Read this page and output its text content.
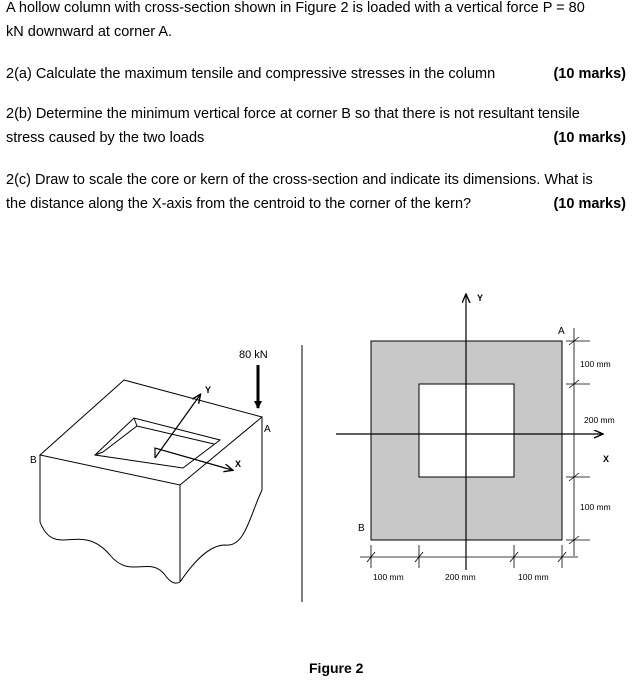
A hollow column with cross-section shown in Figure 2 is loaded with a vertical force P = 80
kN downward at corner A.
2(a) Calculate the maximum tensile and compressive stresses in the column	(10 marks)
2(b) Determine the minimum vertical force at corner B so that there is not resultant tensile
stress caused by the two loads	(10 marks)
2(c) Draw to scale the core or kern of the cross-section and indicate its dimensions. What is
the distance along the X-axis from the centroid to the corner of the kern?	(10 marks)
80 kN
A
B
Y
X
Y
X
A
B
100 mm
200 mm
100 mm
100 mm	200 mm	100 mm
Figure 2
